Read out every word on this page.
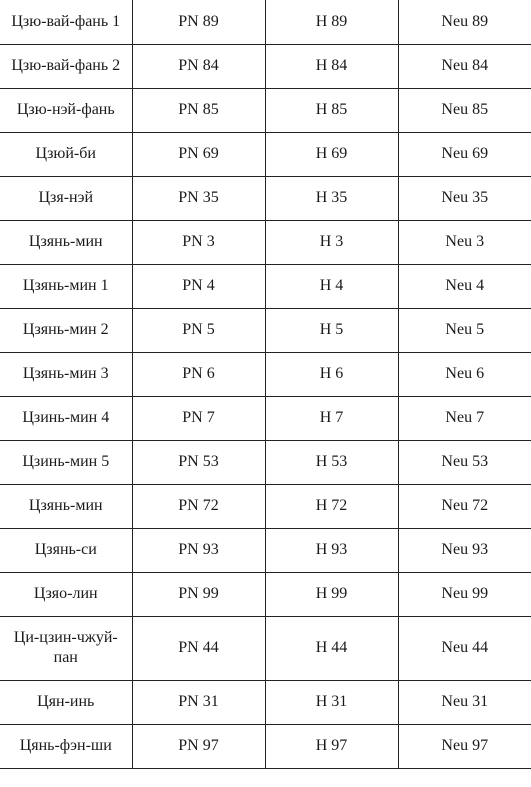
Цзю-вай-фань 1	PN 89	H 89	Neu 89
Цзю-вай-фань 2	PN 84	H 84	Neu 84
Цзю-нэй-фань	PN 85	H 85	Neu 85
Цзюй-би	PN 69	H 69	Neu 69
Цзя-нэй	PN 35	H 35	Neu 35
Цзянь-мин	PN 3	H 3	Neu 3
Цзянь-мин 1	PN 4	H 4	Neu 4
Цзянь-мин 2	PN 5	H 5	Neu 5
Цзянь-мин 3	PN 6	H 6	Neu 6
Цзинь-мин 4	PN 7	H 7	Neu 7
Цзинь-мин 5	PN 53	H 53	Neu 53
Цзянь-мин	PN 72	H 72	Neu 72
Цзянь-си	PN 93	H 93	Neu 93
Цзяо-лин	PN 99	H 99	Neu 99
Ци-цзин-чжуй-пан	PN 44	H 44	Neu 44
Цян-инь	PN 31	H 31	Neu 31
Цянь-фэн-ши	PN 97	H 97	Neu 97
